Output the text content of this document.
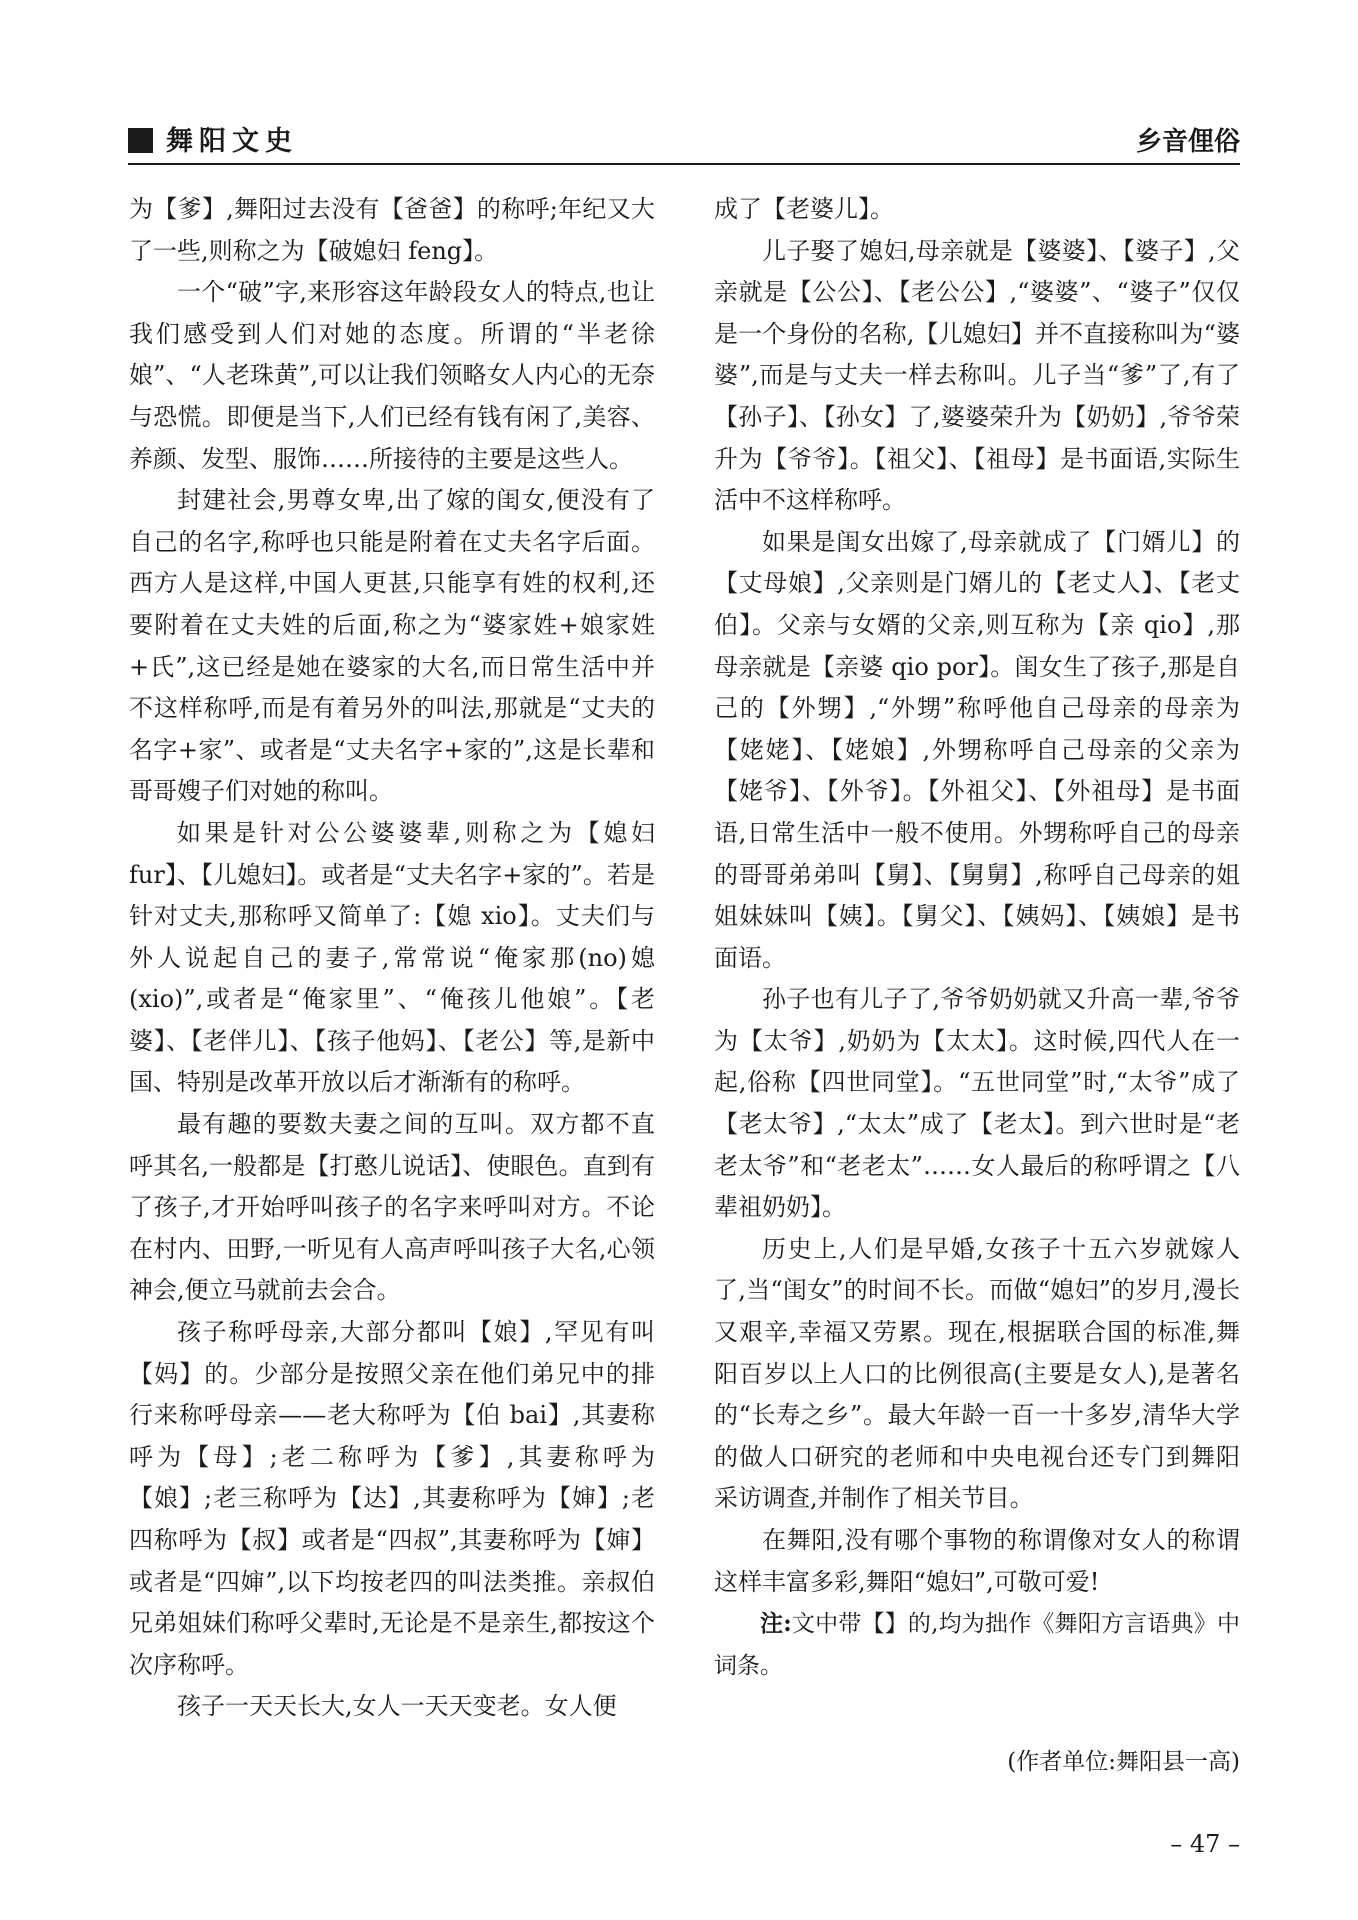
舞阳文史	乡音俚俗

为【爹】,舞阳过去没有【爸爸】的称呼;年纪又大了一些,则称之为【破媳妇 feng】。

一个“破”字,来形容这年龄段女人的特点,也让我们感受到人们对她的态度。所谓的“半老徐娘”、“人老珠黄”,可以让我们领略女人内心的无奈与恐慌。即便是当下,人们已经有钱有闲了,美容、养颜、发型、服饰……所接待的主要是这些人。

封建社会,男尊女卑,出了嫁的闺女,便没有了自己的名字,称呼也只能是附着在丈夫名字后面。西方人是这样,中国人更甚,只能享有姓的权利,还要附着在丈夫姓的后面,称之为“婆家姓+娘家姓+氏”,这已经是她在婆家的大名,而日常生活中并不这样称呼,而是有着另外的叫法,那就是“丈夫的名字+家”、或者是“丈夫名字+家的”,这是长辈和哥哥嫂子们对她的称叫。

如果是针对公公婆婆辈,则称之为【媳妇 fur】、【儿媳妇】。或者是“丈夫名字+家的”。若是针对丈夫,那称呼又简单了:【媳 xio】。丈夫们与外人说起自己的妻子,常常说“俺家那(no)媳(xio)”,或者是“俺家里”、“俺孩儿他娘”。【老婆】、【老伴儿】、【孩子他妈】、【老公】等,是新中国、特别是改革开放以后才渐渐有的称呼。

最有趣的要数夫妻之间的互叫。双方都不直呼其名,一般都是【打憨儿说话】、使眼色。直到有了孩子,才开始呼叫孩子的名字来呼叫对方。不论在村内、田野,一听见有人高声呼叫孩子大名,心领神会,便立马就前去会合。

孩子称呼母亲,大部分都叫【娘】,罕见有叫【妈】的。少部分是按照父亲在他们弟兄中的排行来称呼母亲——老大称呼为【伯 bai】,其妻称呼为【母】;老二称呼为【爹】,其妻称呼为【娘】;老三称呼为【达】,其妻称呼为【婶】;老四称呼为【叔】或者是“四叔”,其妻称呼为【婶】或者是“四婶”,以下均按老四的叫法类推。亲叔伯兄弟姐妹们称呼父辈时,无论是不是亲生,都按这个次序称呼。

孩子一天天长大,女人一天天变老。女人便

成了【老婆儿】。

儿子娶了媳妇,母亲就是【婆婆】、【婆子】,父亲就是【公公】、【老公公】,“婆婆”、“婆子”仅仅是一个身份的名称,【儿媳妇】并不直接称叫为“婆婆”,而是与丈夫一样去称叫。儿子当“爹”了,有了【孙子】、【孙女】了,婆婆荣升为【奶奶】,爷爷荣升为【爷爷】。【祖父】、【祖母】是书面语,实际生活中不这样称呼。

如果是闺女出嫁了,母亲就成了【门婿儿】的【丈母娘】,父亲则是门婿儿的【老丈人】、【老丈伯】。父亲与女婿的父亲,则互称为【亲 qio】,那母亲就是【亲婆 qio por】。闺女生了孩子,那是自己的【外甥】,“外甥”称呼他自己母亲的母亲为【姥姥】、【姥娘】,外甥称呼自己母亲的父亲为【姥爷】、【外爷】。【外祖父】、【外祖母】是书面语,日常生活中一般不使用。外甥称呼自己的母亲的哥哥弟弟叫【舅】、【舅舅】,称呼自己母亲的姐姐妹妹叫【姨】。【舅父】、【姨妈】、【姨娘】是书面语。

孙子也有儿子了,爷爷奶奶就又升高一辈,爷爷为【太爷】,奶奶为【太太】。这时候,四代人在一起,俗称【四世同堂】。“五世同堂”时,“太爷”成了【老太爷】,“太太”成了【老太】。到六世时是“老老太爷”和“老老太”……女人最后的称呼谓之【八辈祖奶奶】。

历史上,人们是早婚,女孩子十五六岁就嫁人了,当“闺女”的时间不长。而做“媳妇”的岁月,漫长又艰辛,幸福又劳累。现在,根据联合国的标准,舞阳百岁以上人口的比例很高(主要是女人),是著名的“长寿之乡”。最大年龄一百一十多岁,清华大学的做人口研究的老师和中央电视台还专门到舞阳采访调查,并制作了相关节目。

在舞阳,没有哪个事物的称谓像对女人的称谓这样丰富多彩,舞阳“媳妇”,可敬可爱!

注:文中带【】的,均为拙作《舞阳方言语典》中词条。

(作者单位:舞阳县一高)
– 47 –
